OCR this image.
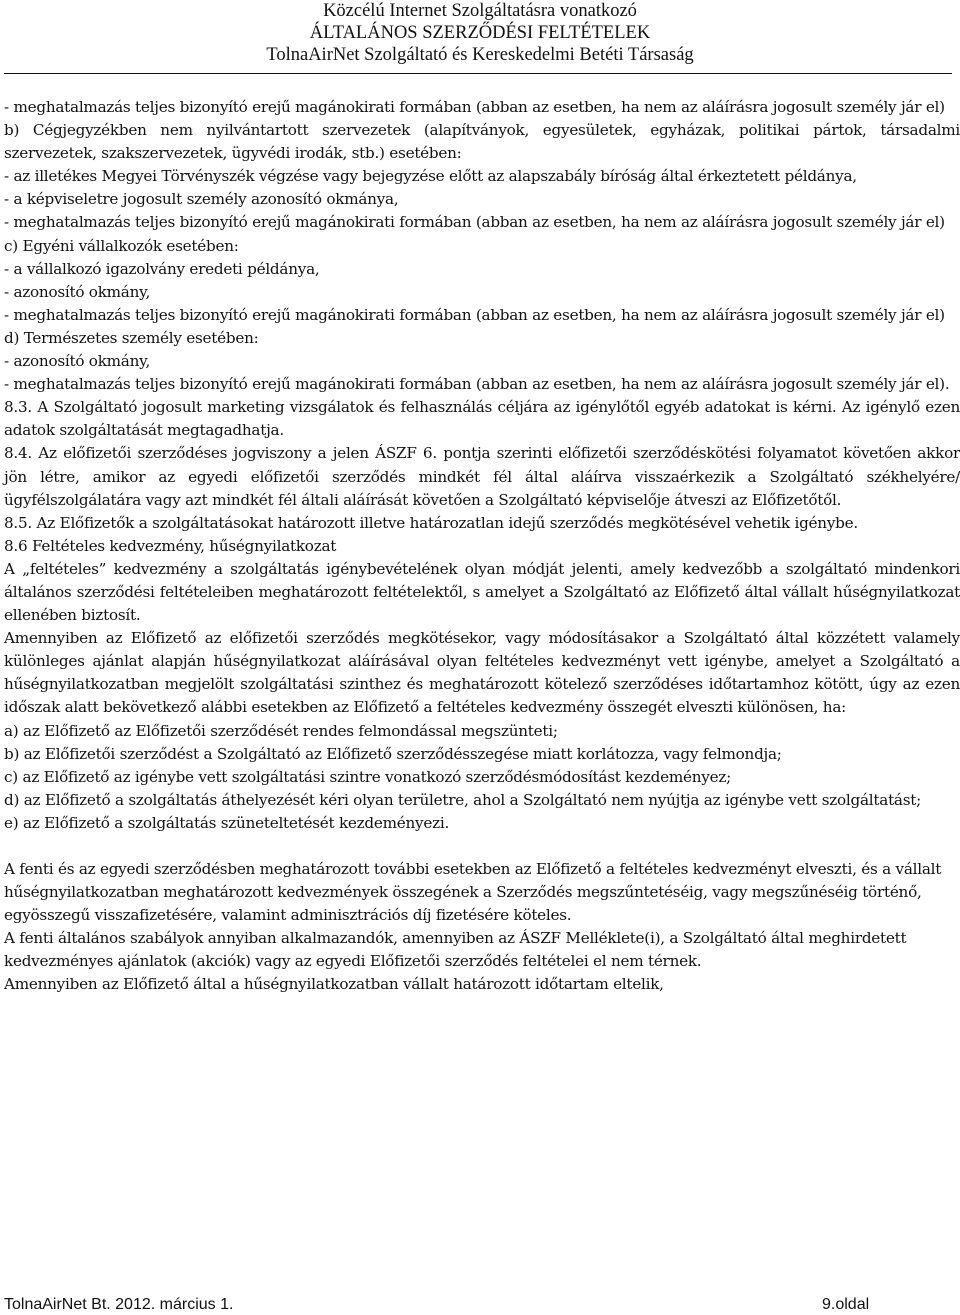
Közcélú Internet Szolgáltatásra vonatkozó
ÁLTALÁNOS SZERZŐDÉSI FELTÉTELEK
TolnaAirNet Szolgáltató és Kereskedelmi Betéti Társaság

- meghatalmazás teljes bizonyító erejű magánokirati formában (abban az esetben, ha nem az aláírásra jogosult személy jár el)

b) Cégjegyzékben nem nyilvántartott szervezetek (alapítványok, egyesületek, egyházak, politikai pártok, társadalmi szervezetek, szakszervezetek, ügyvédi irodák, stb.) esetében:

- az illetékes Megyei Törvényszék végzése vagy bejegyzése előtt az alapszabály bíróság által érkeztetett példánya,

- a képviseletre jogosult személy azonosító okmánya,

- meghatalmazás teljes bizonyító erejű magánokirati formában (abban az esetben, ha nem az aláírásra jogosult személy jár el)

c) Egyéni vállalkozók esetében:

- a vállalkozó igazolvány eredeti példánya,

- azonosító okmány,

- meghatalmazás teljes bizonyító erejű magánokirati formában (abban az esetben, ha nem az aláírásra jogosult személy jár el)

d) Természetes személy esetében:

- azonosító okmány,

- meghatalmazás teljes bizonyító erejű magánokirati formában (abban az esetben, ha nem az aláírásra jogosult személy jár el).

8.3. A Szolgáltató jogosult marketing vizsgálatok és felhasználás céljára az igénylőtől egyéb adatokat is kérni. Az igénylő ezen adatok szolgáltatását megtagadhatja.

8.4. Az előfizetői szerződéses jogviszony a jelen ÁSZF 6. pontja szerinti előfizetői szerződéskötési folyamatot követően akkor jön létre, amikor az egyedi előfizetői szerződés mindkét fél által aláírva visszaérkezik a Szolgáltató székhelyére/ügyfélszolgálatára vagy azt mindkét fél általi aláírását követően a Szolgáltató képviselője átveszi az Előfizetőtől.

8.5. Az Előfizetők a szolgáltatásokat határozott illetve határozatlan idejű szerződés megkötésével vehetik igénybe.

8.6 Feltételes kedvezmény, hűségnyilatkozat

A „feltételes” kedvezmény a szolgáltatás igénybevételének olyan módját jelenti, amely kedvezőbb a szolgáltató mindenkori általános szerződési feltételeiben meghatározott feltételektől, s amelyet a Szolgáltató az Előfizető által vállalt hűségnyilatkozat ellenében biztosít.

Amennyiben az Előfizető az előfizetői szerződés megkötésekor, vagy módosításakor a Szolgáltató által közzétett valamely különleges ajánlat alapján hűségnyilatkozat aláírásával olyan feltételes kedvezményt vett igénybe, amelyet a Szolgáltató a hűségnyilatkozatban megjelölt szolgáltatási szinthez és meghatározott kötelező szerződéses időtartamhoz kötött, úgy az ezen időszak alatt bekövetkező alábbi esetekben az Előfizető a feltételes kedvezmény összegét elveszti különösen, ha:

a) az Előfizető az Előfizetői szerződését rendes felmondással megszünteti;

b) az Előfizetői szerződést a Szolgáltató az Előfizető szerződésszegése miatt korlátozza, vagy felmondja;

c) az Előfizető az igénybe vett szolgáltatási szintre vonatkozó szerződésmódosítást kezdeményez;

d) az Előfizető a szolgáltatás áthelyezését kéri olyan területre, ahol a Szolgáltató nem nyújtja az igénybe vett szolgáltatást;

e) az Előfizető a szolgáltatás szüneteltetését kezdeményezi.

A fenti és az egyedi szerződésben meghatározott további esetekben az Előfizető a feltételes kedvezményt elveszti, és a vállalt hűségnyilatkozatban meghatározott kedvezmények összegének a Szerződés megszűntetéséig, vagy megszűnéséig történő, egyösszegű visszafizetésére, valamint adminisztrációs díj fizetésére köteles.

A fenti általános szabályok annyiban alkalmazandók, amennyiben az ÁSZF Melléklete(i), a Szolgáltató által meghirdetett kedvezményes ajánlatok (akciók) vagy az egyedi Előfizetői szerződés feltételei el nem térnek.

Amennyiben az Előfizető által a hűségnyilatkozatban vállalt határozott időtartam eltelik,

TolnaAirNet Bt. 2012. március 1.	9.oldal
